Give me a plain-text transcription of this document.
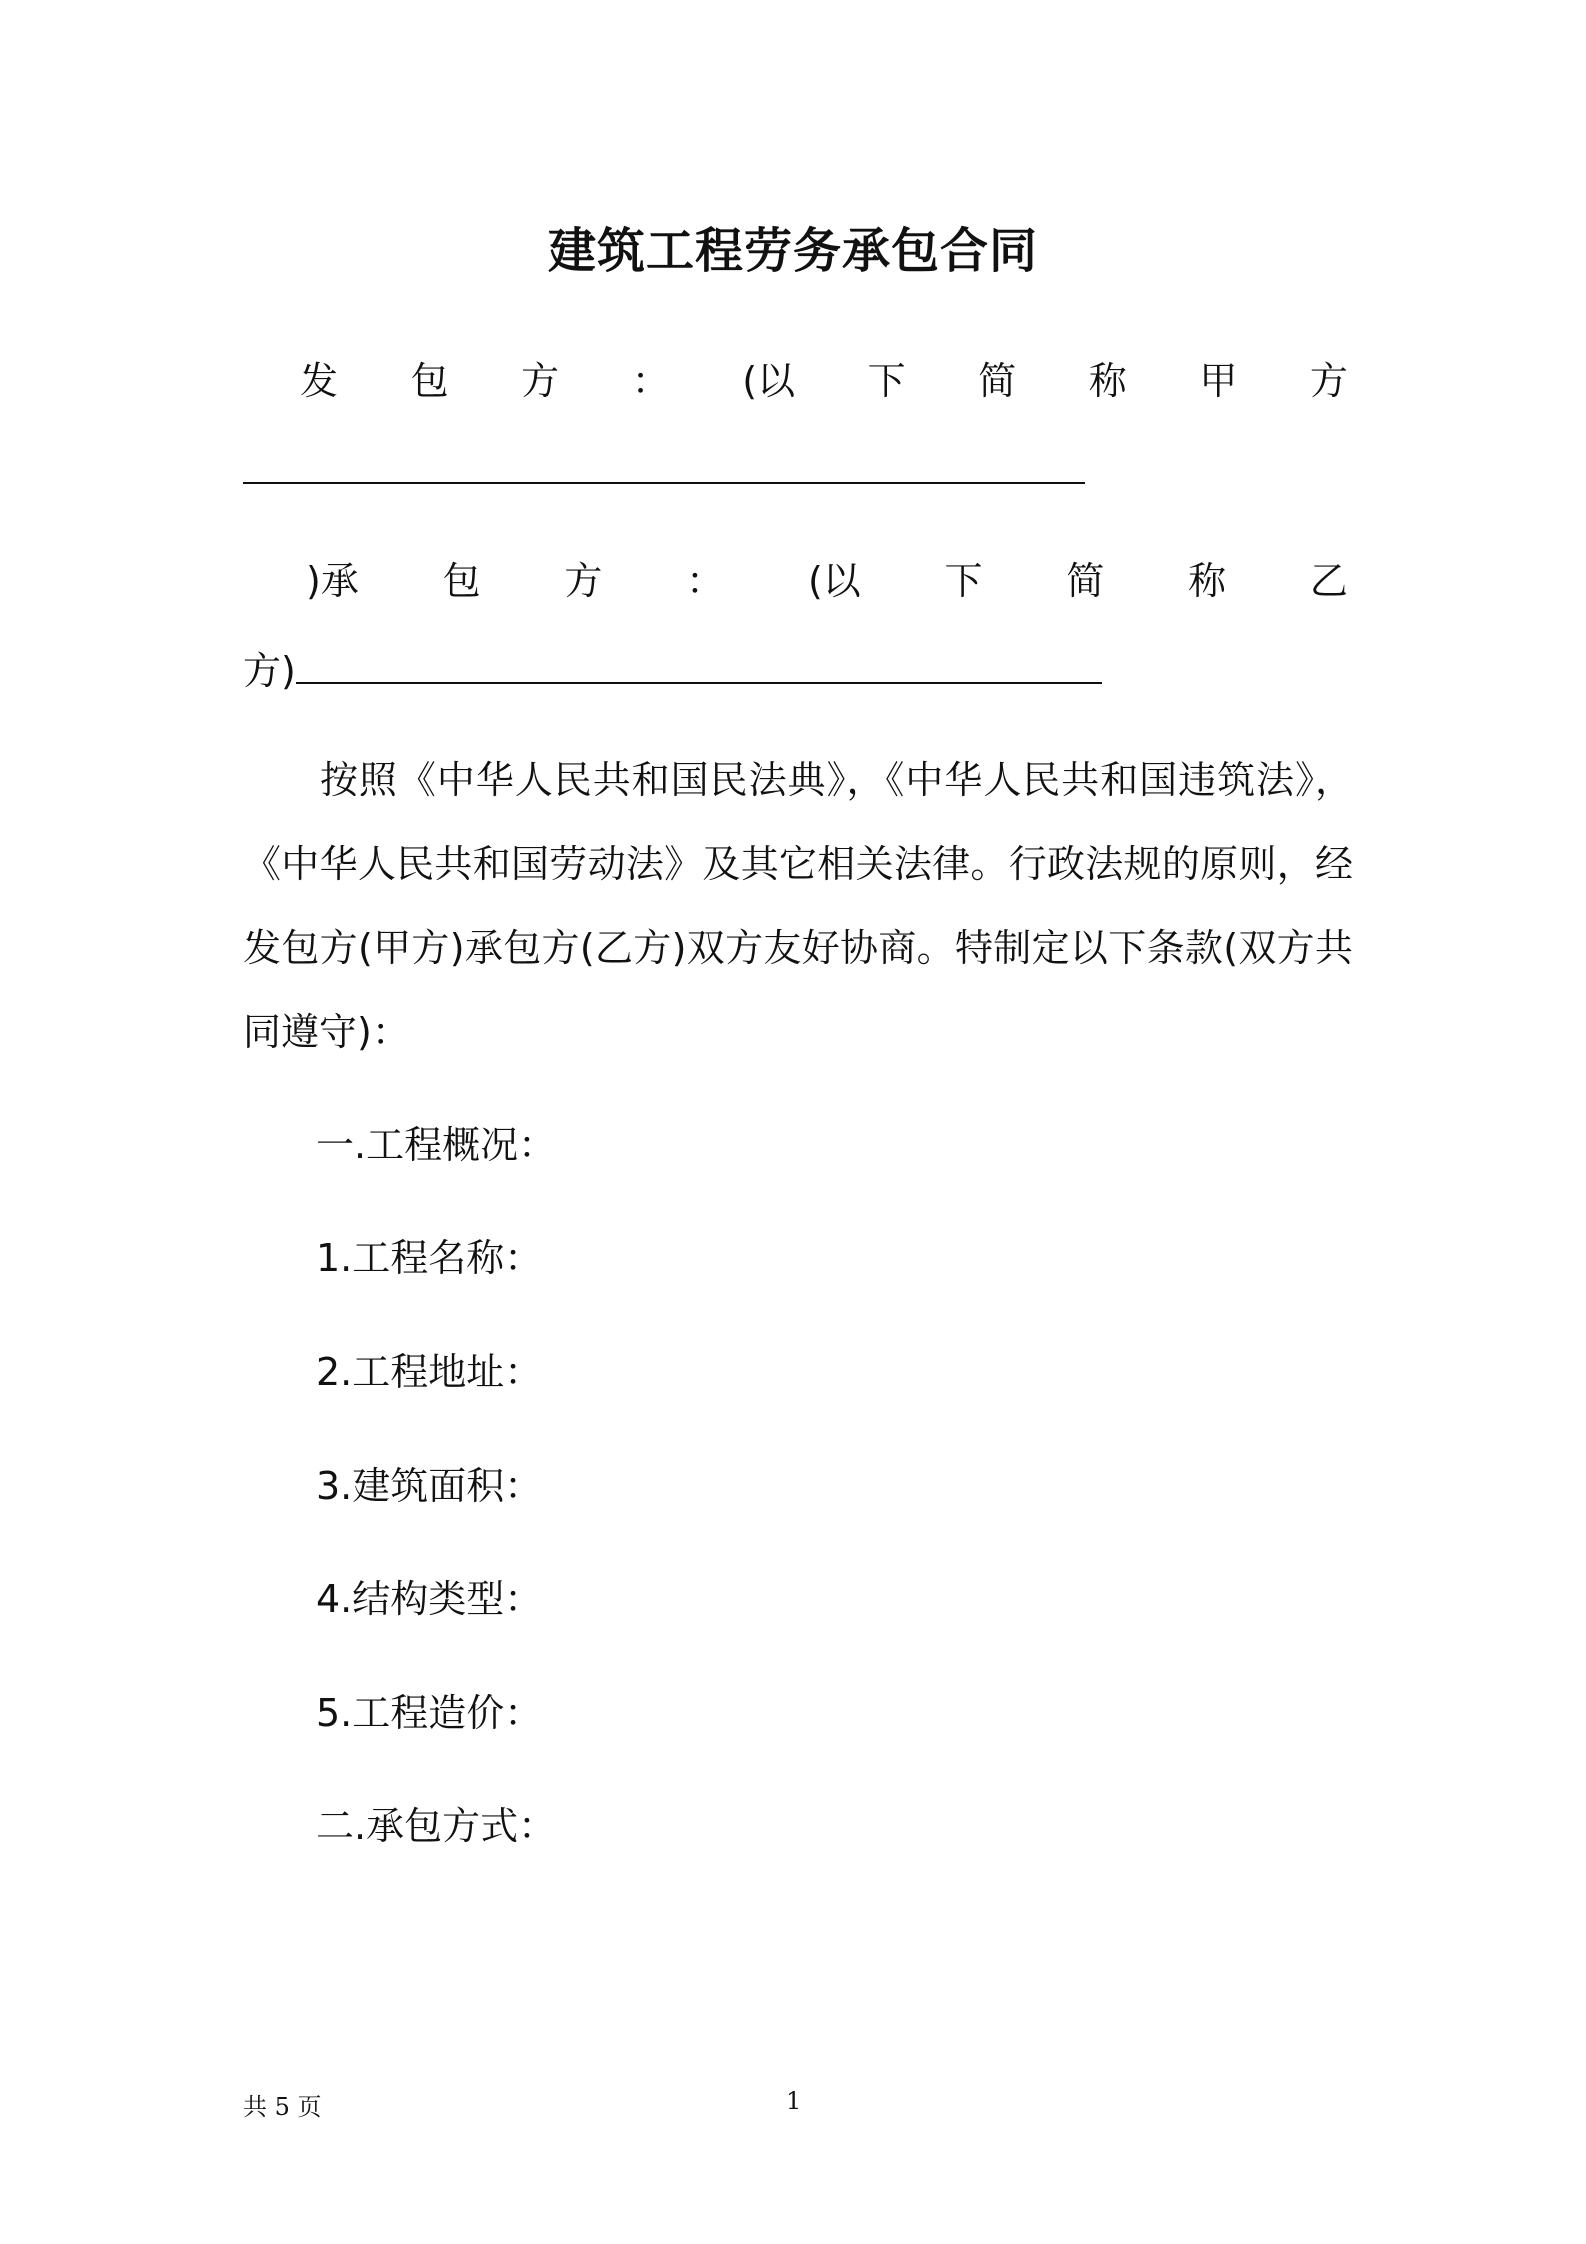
建筑工程劳务承包合同
发 包 方 ： (以 下 简 称 甲 方
)承 包 方 ： (以 下 简 称 乙
方)
按照《中华人民共和国民法典》，《中华人民共和国违筑法》，《中华人民共和国劳动法》及其它相关法律。行政法规的原则，经发包方(甲方)承包方(乙方)双方友好协商。特制定以下条款(双方共同遵守)：
一.工程概况：
1.工程名称：
2.工程地址：
3.建筑面积：
4.结构类型：
5.工程造价：
二.承包方式：
共 5 页	1
